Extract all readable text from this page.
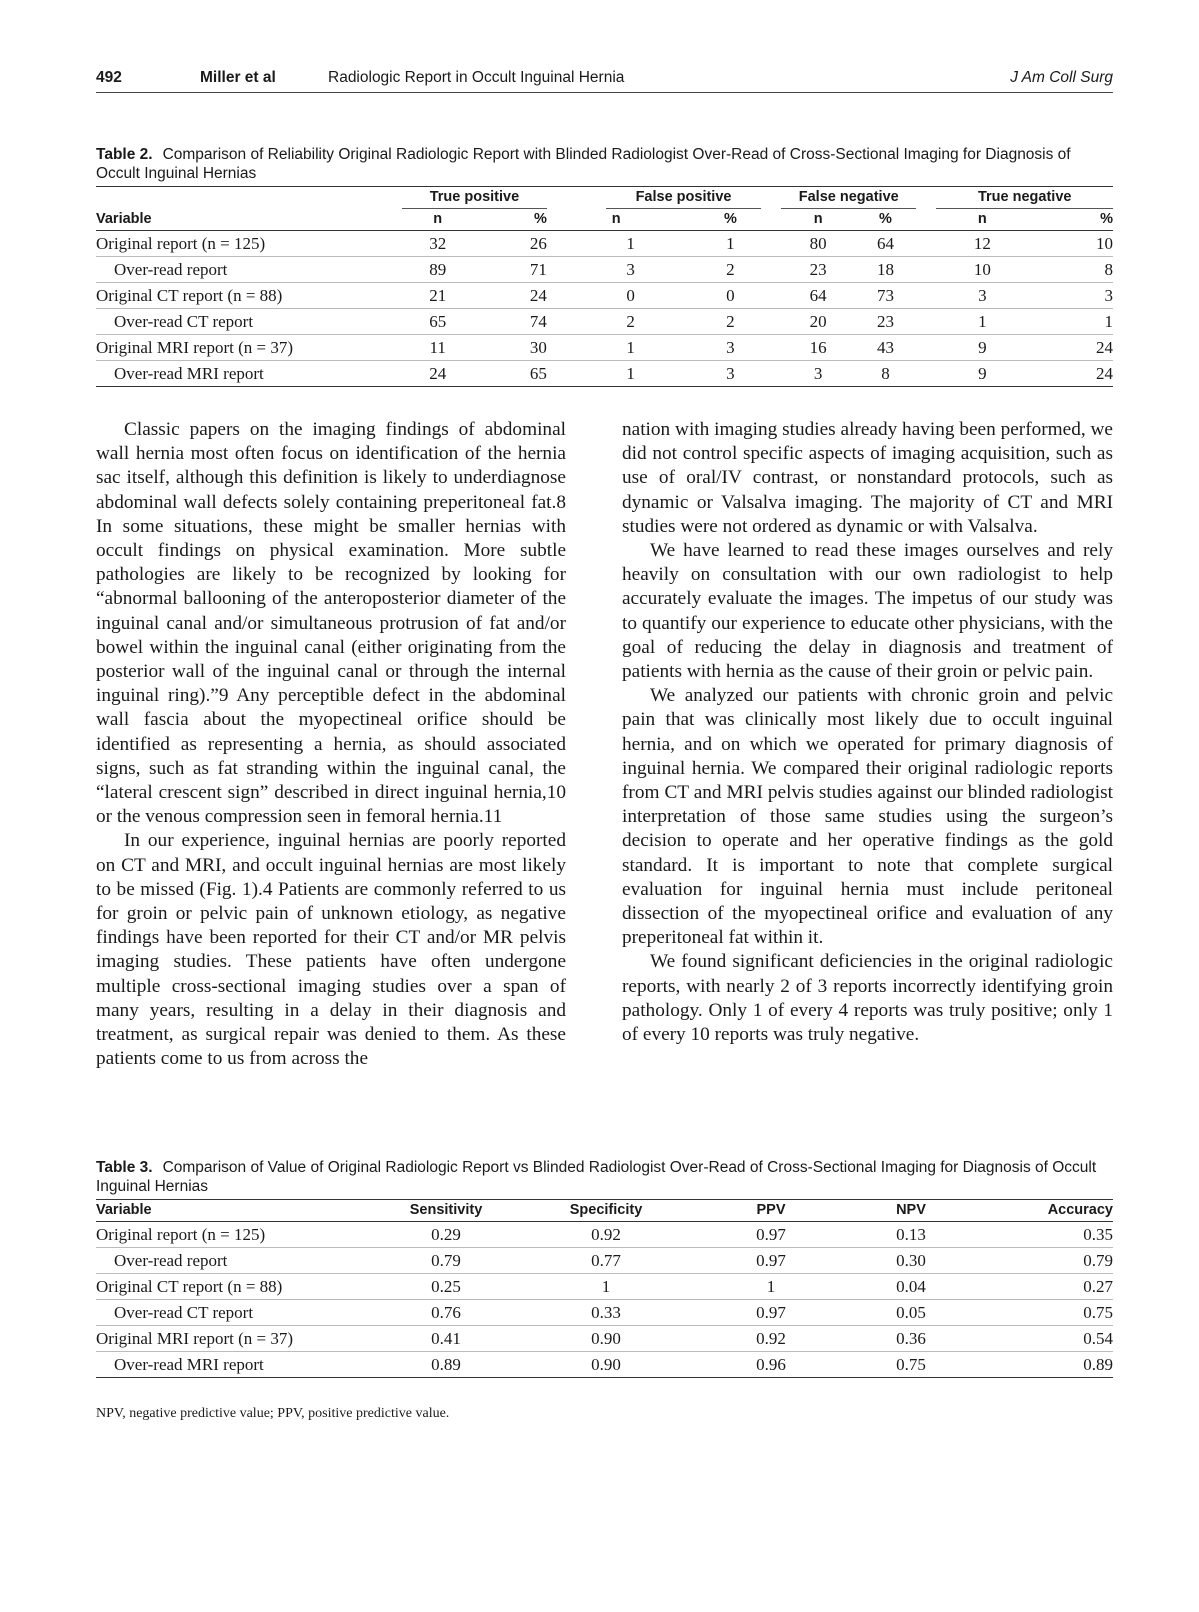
492	Miller et al	Radiologic Report in Occult Inguinal Hernia	J Am Coll Surg

Table 2. Comparison of Reliability Original Radiologic Report with Blinded Radiologist Over-Read of Cross-Sectional Imaging for Diagnosis of Occult Inguinal Hernias

	True positive			False positive				False negative			True negative	
Variable	n	%		n		%		n	%		n	%
Original report (n = 125)	32	26			1	1		80	64		12	10
Over-read report	89	71			3	2		23	18		10	8
Original CT report (n = 88)	21	24			0	0		64	73		3	3
Over-read CT report	65	74			2	2		20	23		1	1
Original MRI report (n = 37)	11	30			1	3		16	43		9	24
Over-read MRI report	24	65			1	3		3	8		9	24

Classic papers on the imaging findings of abdominal wall hernia most often focus on identification of the hernia sac itself, although this definition is likely to underdiagnose abdominal wall defects solely containing preperitoneal fat.8 In some situations, these might be smaller hernias with occult findings on physical examination. More subtle pathologies are likely to be recognized by looking for “abnormal ballooning of the anteroposterior diameter of the inguinal canal and/or simultaneous protrusion of fat and/or bowel within the inguinal canal (either originating from the posterior wall of the inguinal canal or through the internal inguinal ring).”9 Any perceptible defect in the abdominal wall fascia about the myopectineal orifice should be identified as representing a hernia, as should associated signs, such as fat stranding within the inguinal canal, the “lateral crescent sign” described in direct inguinal hernia,10 or the venous compression seen in femoral hernia.11

In our experience, inguinal hernias are poorly reported on CT and MRI, and occult inguinal hernias are most likely to be missed (Fig. 1).4 Patients are commonly referred to us for groin or pelvic pain of unknown etiology, as negative findings have been reported for their CT and/or MR pelvis imaging studies. These patients have often undergone multiple cross-sectional imaging studies over a span of many years, resulting in a delay in their diagnosis and treatment, as surgical repair was denied to them. As these patients come to us from across the

nation with imaging studies already having been performed, we did not control specific aspects of imaging acquisition, such as use of oral/IV contrast, or nonstandard protocols, such as dynamic or Valsalva imaging. The majority of CT and MRI studies were not ordered as dynamic or with Valsalva.

We have learned to read these images ourselves and rely heavily on consultation with our own radiologist to help accurately evaluate the images. The impetus of our study was to quantify our experience to educate other physicians, with the goal of reducing the delay in diagnosis and treatment of patients with hernia as the cause of their groin or pelvic pain.

We analyzed our patients with chronic groin and pelvic pain that was clinically most likely due to occult inguinal hernia, and on which we operated for primary diagnosis of inguinal hernia. We compared their original radiologic reports from CT and MRI pelvis studies against our blinded radiologist interpretation of those same studies using the surgeon’s decision to operate and her operative findings as the gold standard. It is important to note that complete surgical evaluation for inguinal hernia must include peritoneal dissection of the myopectineal orifice and evaluation of any preperitoneal fat within it.

We found significant deficiencies in the original radiologic reports, with nearly 2 of 3 reports incorrectly identifying groin pathology. Only 1 of every 4 reports was truly positive; only 1 of every 10 reports was truly negative.

Table 3. Comparison of Value of Original Radiologic Report vs Blinded Radiologist Over-Read of Cross-Sectional Imaging for Diagnosis of Occult Inguinal Hernias

Variable	Sensitivity	Specificity	PPV	NPV	Accuracy
Original report (n = 125)	0.29	0.92	0.97	0.13	0.35
Over-read report	0.79	0.77	0.97	0.30	0.79
Original CT report (n = 88)	0.25	1	1	0.04	0.27
Over-read CT report	0.76	0.33	0.97	0.05	0.75
Original MRI report (n = 37)	0.41	0.90	0.92	0.36	0.54
Over-read MRI report	0.89	0.90	0.96	0.75	0.89
NPV, negative predictive value; PPV, positive predictive value.
